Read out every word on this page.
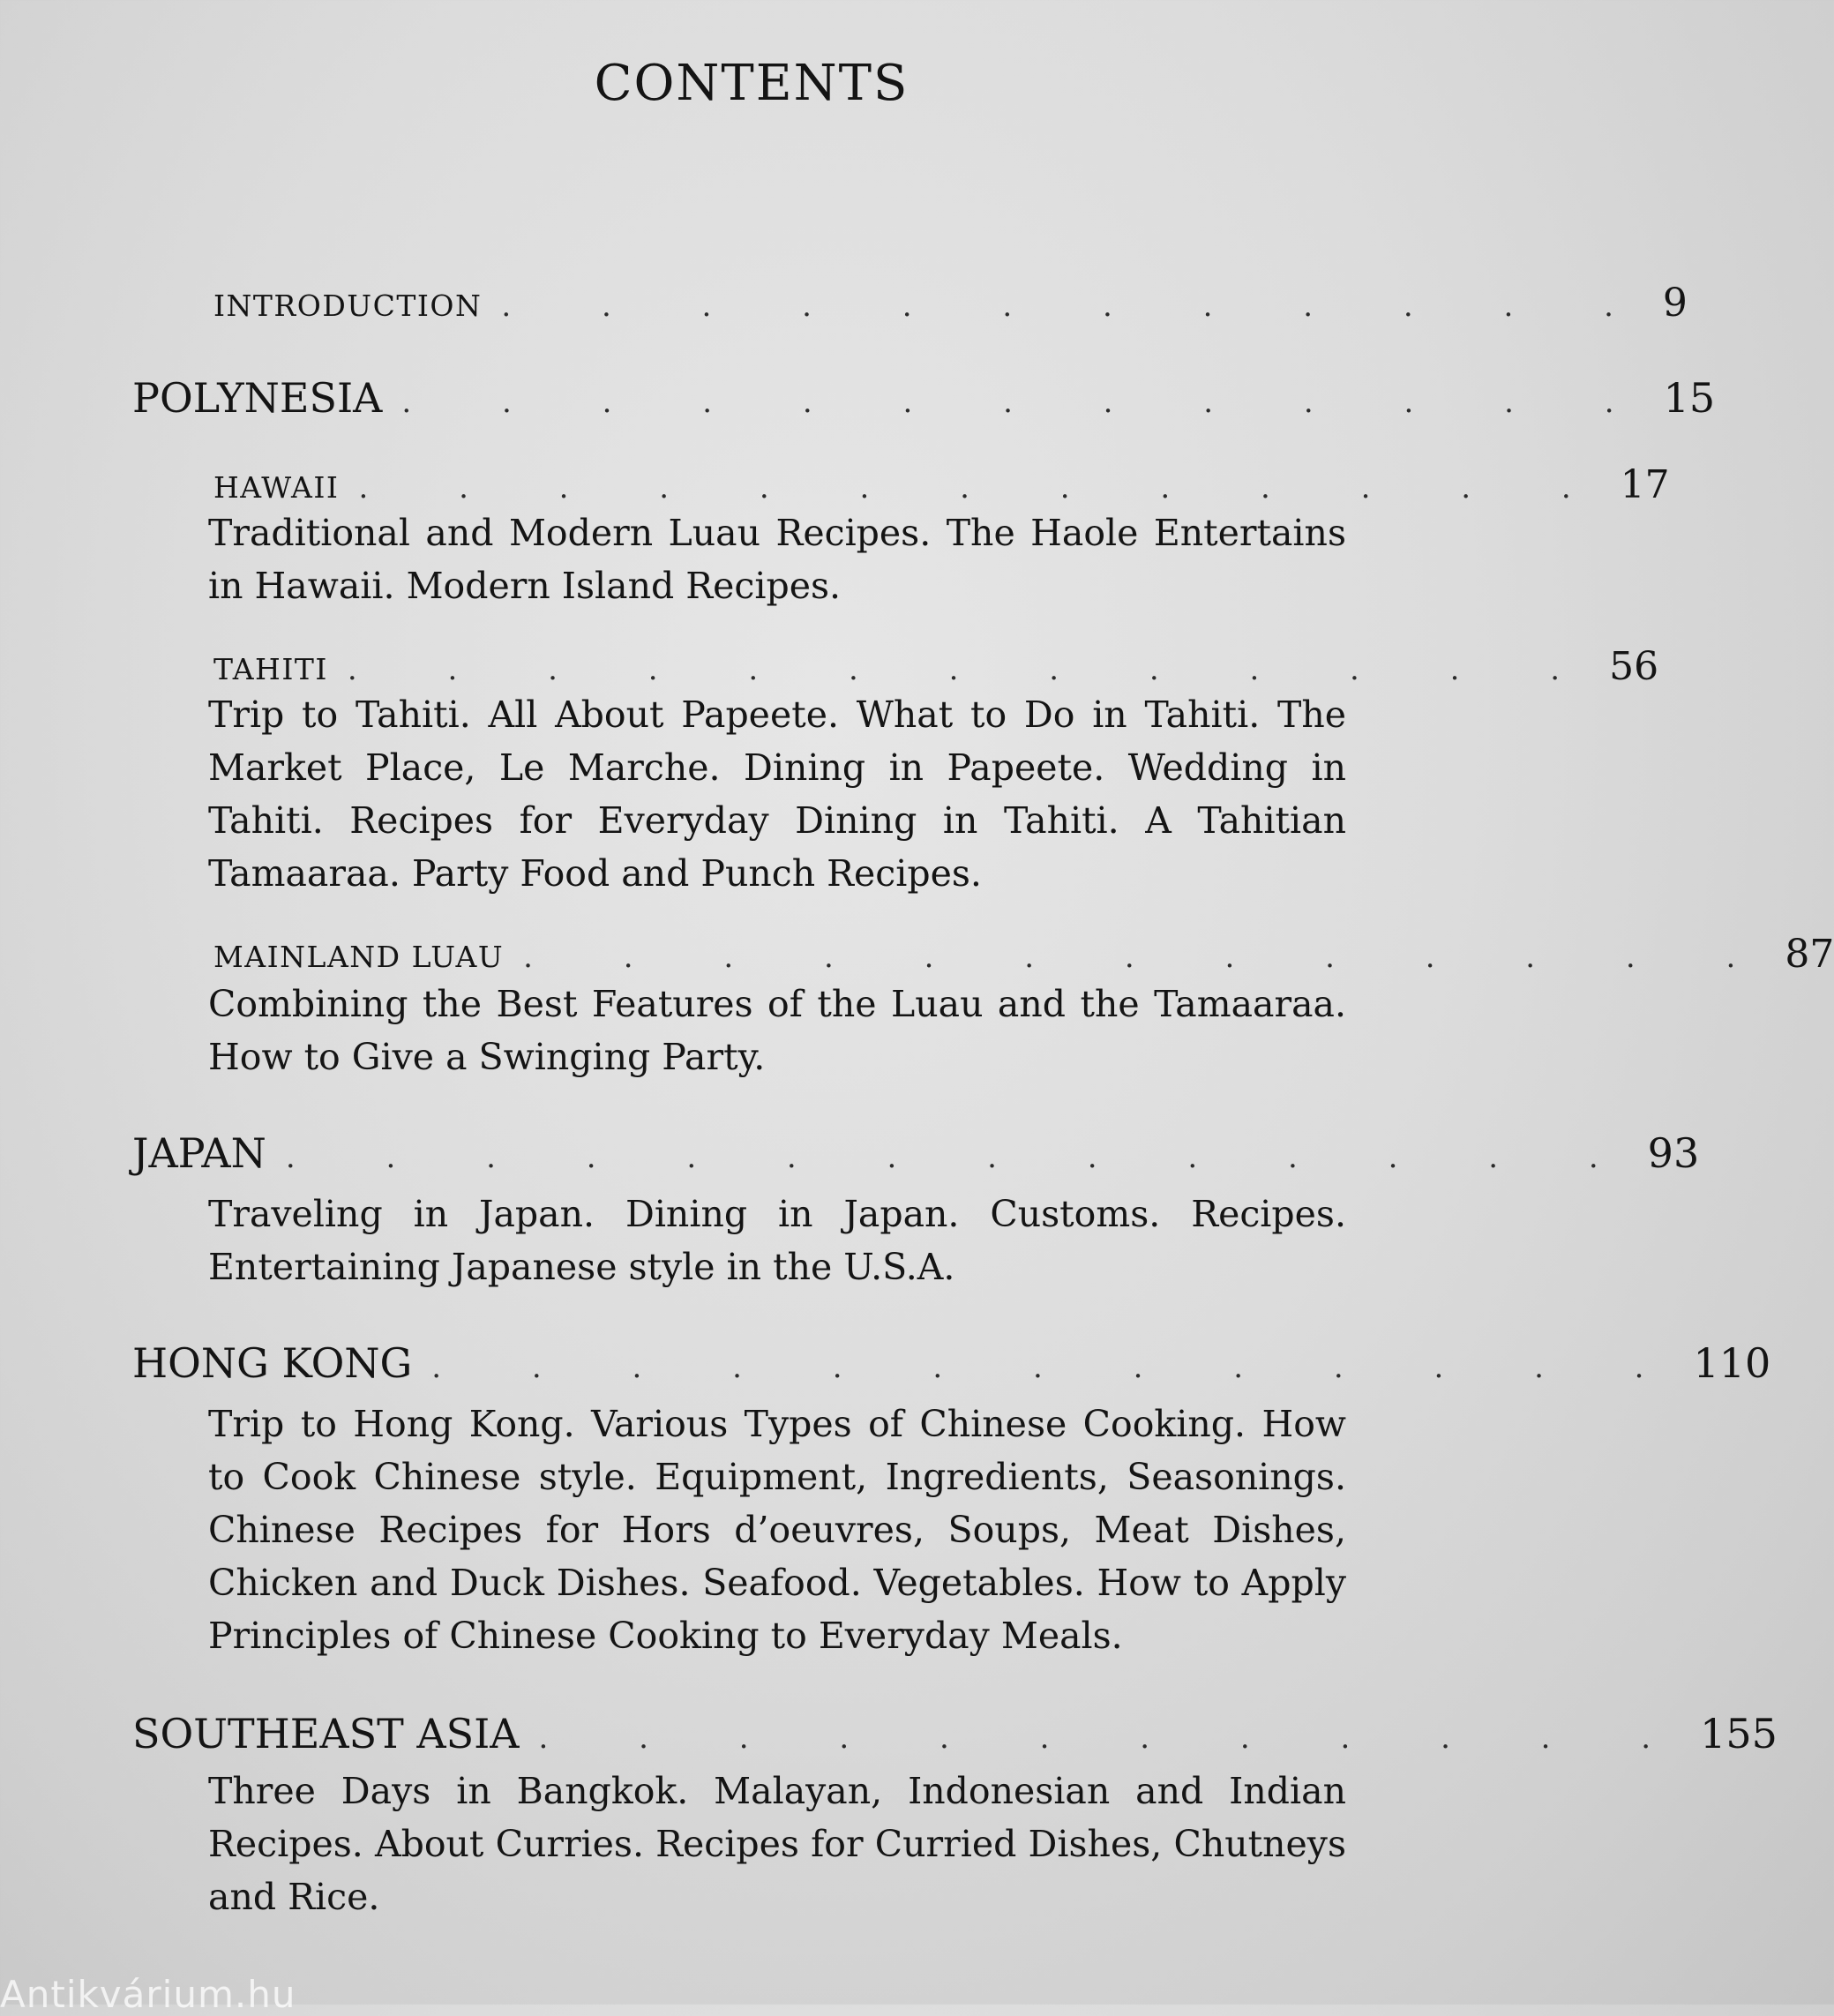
CONTENTS
INTRODUCTION . . . . . . . . . . . . 9
POLYNESIA . . . . . . . . . . . . . 15
HAWAII . . . . . . . . . . . . . 17

Traditional and Modern Luau Recipes. The Haole Entertains in Hawaii. Modern Island Recipes.

TAHITI . . . . . . . . . . . . . 56

Trip to Tahiti. All About Papeete. What to Do in Tahiti. The Market Place, Le Marche. Dining in Papeete. Wedding in Tahiti. Recipes for Everyday Dining in Tahiti. A Tahitian Tamaaraa. Party Food and Punch Recipes.

MAINLAND LUAU . . . . . . . . . . . . . 87

Combining the Best Features of the Luau and the Tamaaraa. How to Give a Swinging Party.

JAPAN . . . . . . . . . . . . . . 93

Traveling in Japan. Dining in Japan. Customs. Recipes. Entertaining Japanese style in the U.S.A.

HONG KONG . . . . . . . . . . . . . 110

Trip to Hong Kong. Various Types of Chinese Cooking. How to Cook Chinese style. Equipment, Ingredients, Seasonings. Chinese Recipes for Hors d’oeuvres, Soups, Meat Dishes, Chicken and Duck Dishes. Seafood. Vegetables. How to Apply Principles of Chinese Cooking to Everyday Meals.

SOUTHEAST ASIA . . . . . . . . . . . . 155

Three Days in Bangkok. Malayan, Indonesian and Indian Recipes. About Curries. Recipes for Curried Dishes, Chutneys and Rice.

Antikvárium.hu
